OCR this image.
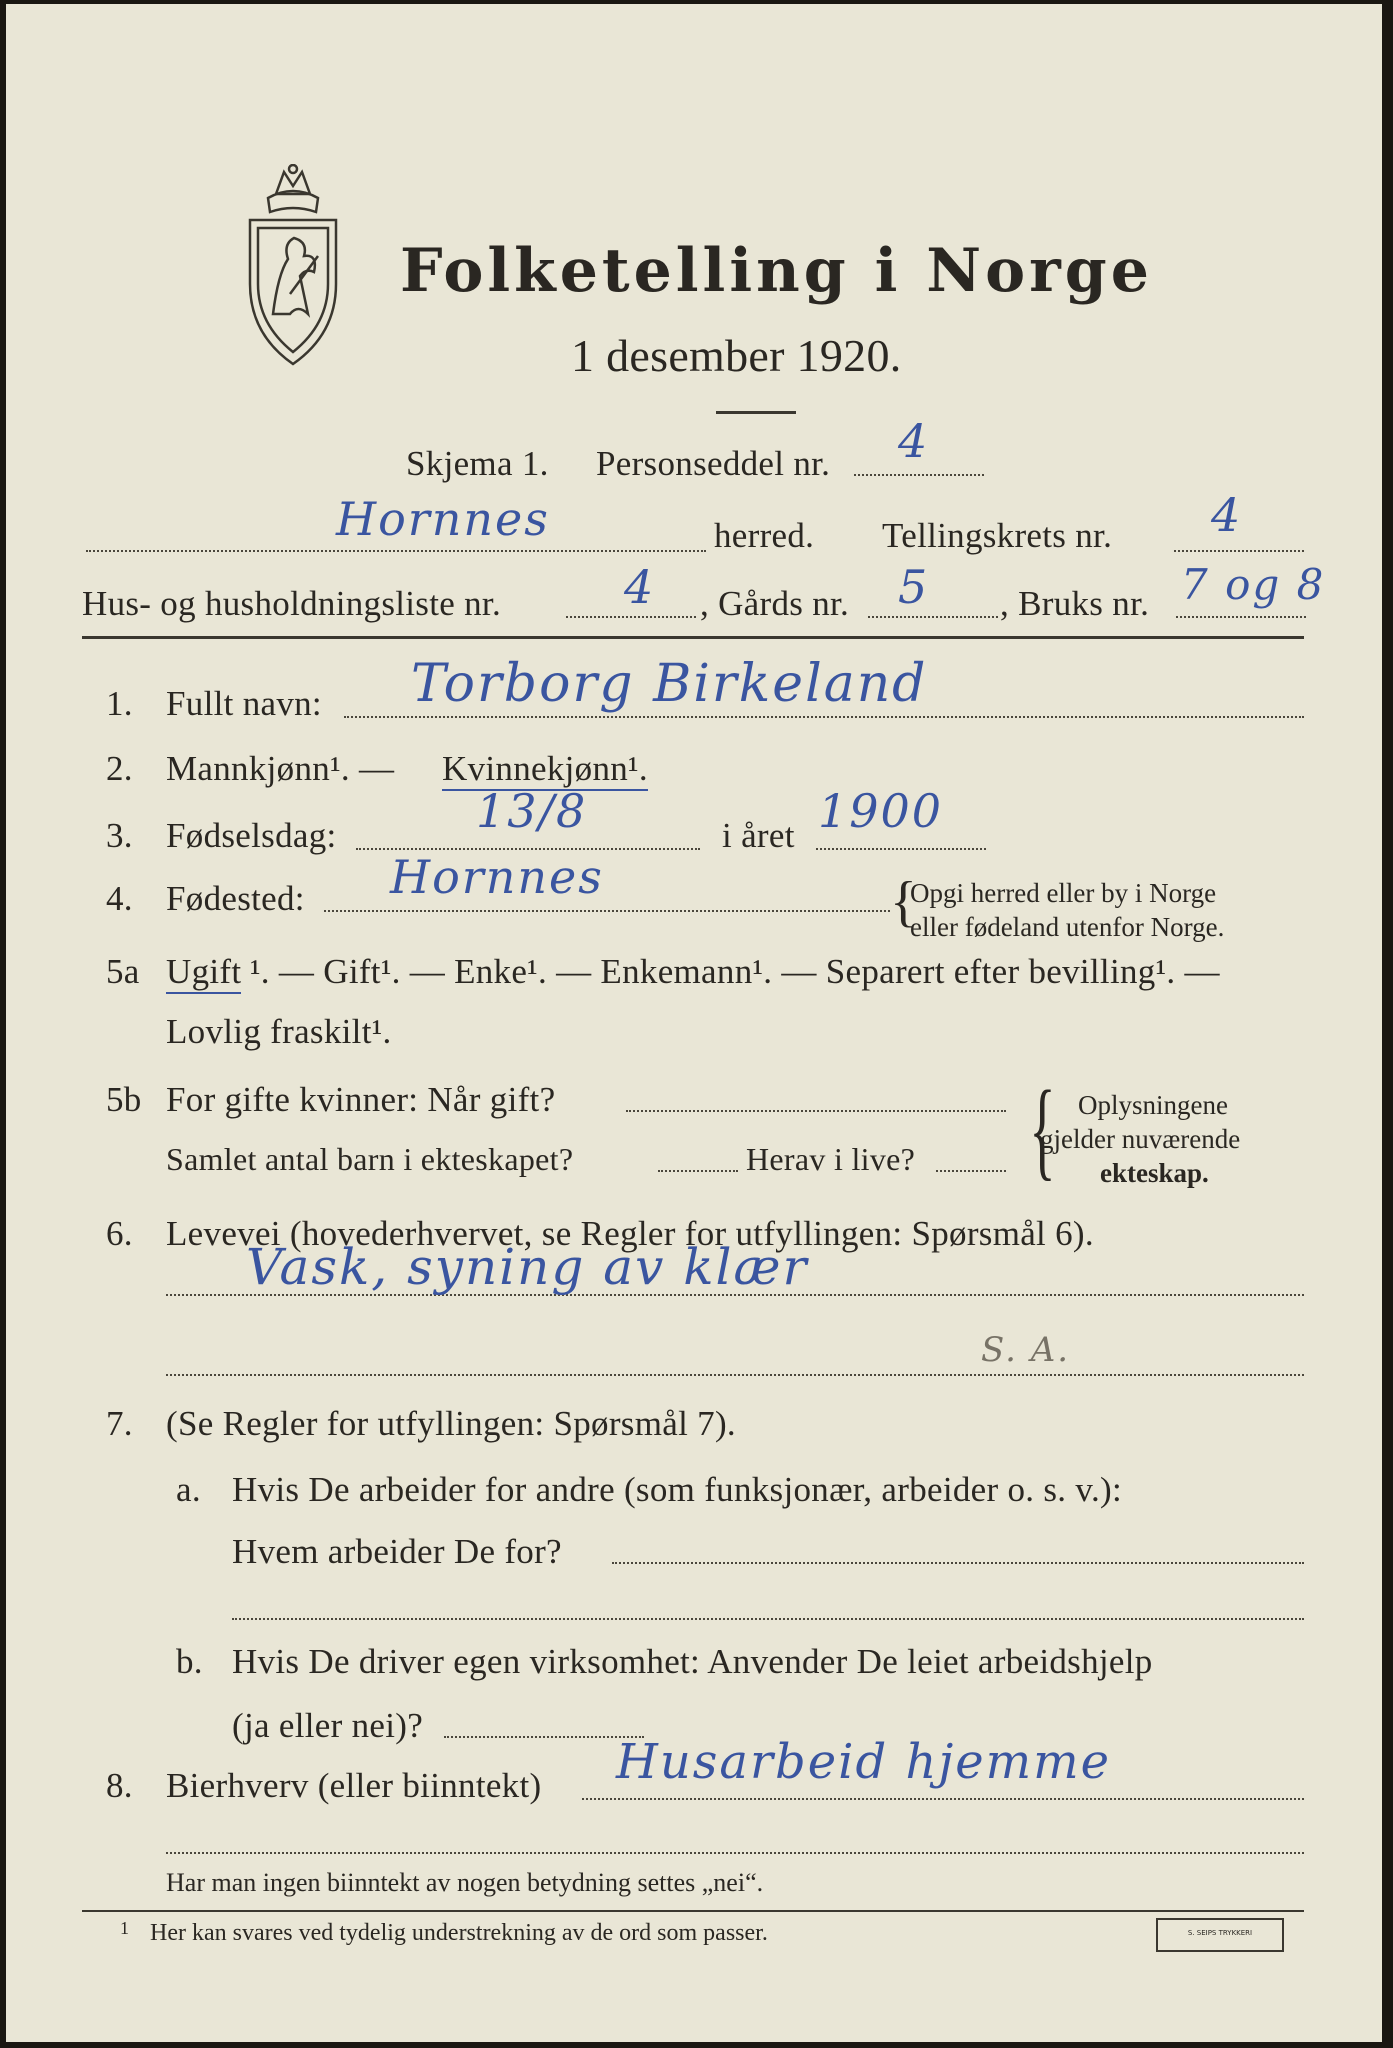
Folketelling i Norge
1 desember 1920.
Skjema 1. Personseddel nr. 4
Hornnes	herred. Tellingskrets nr. 4
Hus- og husholdningsliste nr.	4 , Gårds nr. 5 , Bruks nr. 7 og 8
1. Fullt navn: Torborg Birkeland
2. Mannkjønn¹. — Kvinnekjønn¹.
3. Fødselsdag:	13/8	i året 1900
4. Fødested: Hornnes	{
Opgi herred eller by i Norge
eller fødeland utenfor Norge.
5a Ugift ¹. — Gift¹. — Enke¹. — Enkemann¹. — Separert efter bevilling¹. —
Lovlig fraskilt¹.
5b For gifte kvinner: Når gift?
Samlet antal barn i ekteskapet?	Herav i live? { Oplysningene
gjelder nuværende
ekteskap.
6. Levevei (hovederhvervet, se Regler for utfyllingen: Spørsmål 6).
Vask, syning av klær
S. A.
7. (Se Regler for utfyllingen: Spørsmål 7).
a. Hvis De arbeider for andre (som funksjonær, arbeider o. s. v.):
Hvem arbeider De for?
b. Hvis De driver egen virksomhet: Anvender De leiet arbeidshjelp
(ja eller nei)?
8. Bierhverv (eller biinntekt) Husarbeid hjemme
Har man ingen biinntekt av nogen betydning settes „nei“.
1 Her kan svares ved tydelig understrekning av de ord som passer.	S. SEIPS TRYKKERI
